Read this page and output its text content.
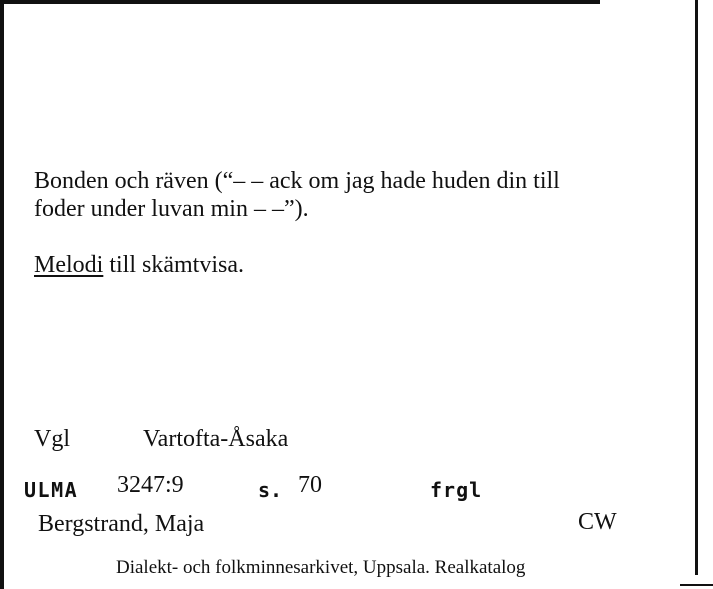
Bonden och räven (“– – ack om jag hade huden din till
foder under luvan min – –”).
Melodi till skämtvisa.
Vgl	Vartofta-Åsaka
ULMA 3247:9	s. 70	frgl
Bergstrand, Maja	CW
Dialekt- och folkminnesarkivet, Uppsala. Realkatalog
